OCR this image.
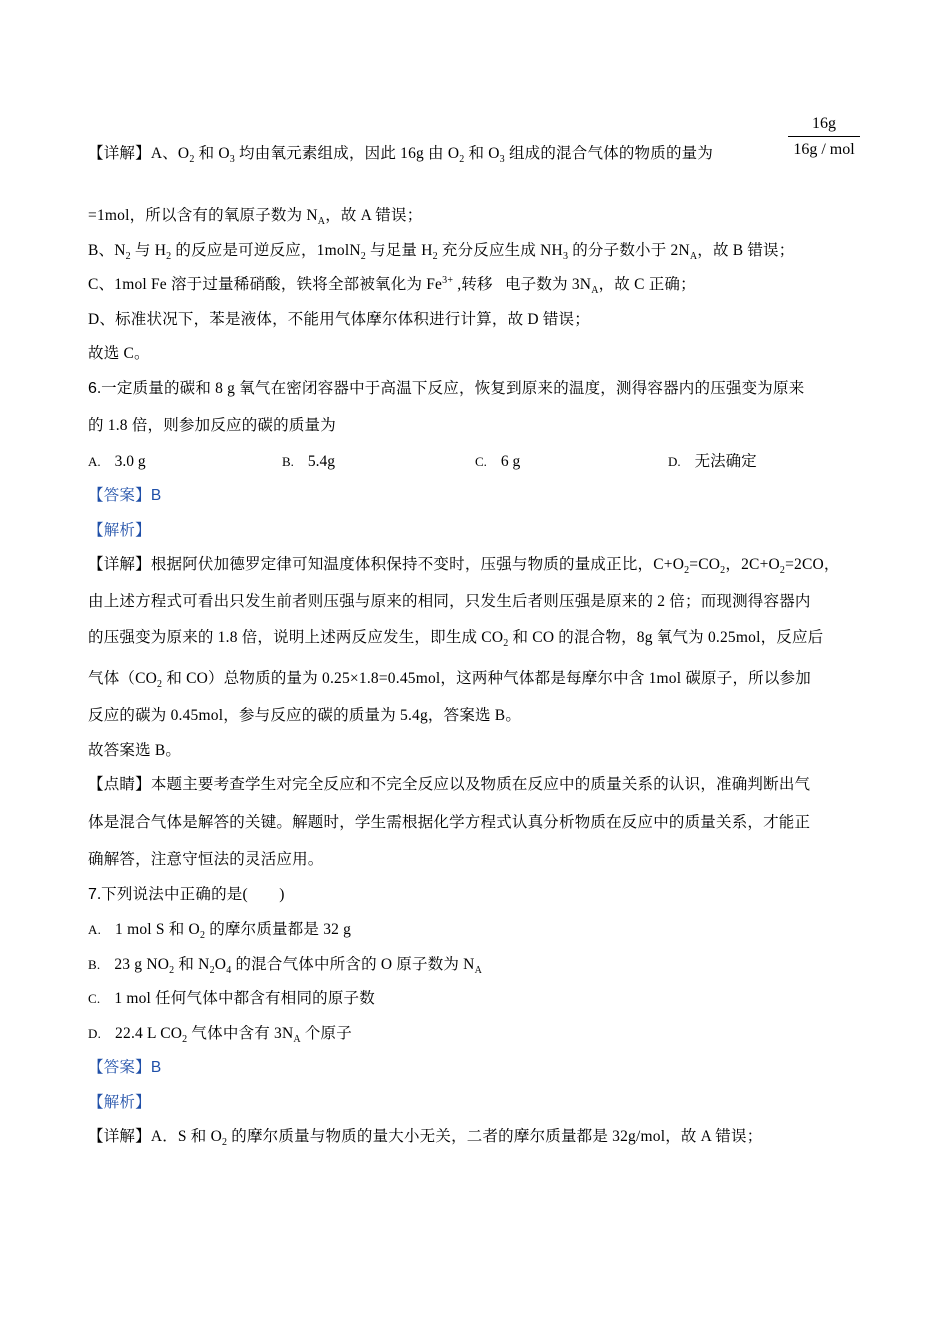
16g
16g / mol
【详解】A、$O_2$ 和 $O_3$ 均由氧元素组成，因此 16g 由 $O_2$ 和 $O_3$ 组成的混合气体的物质的量为
=1mol，所以含有的氧原子数为 $N_A$，故 A 错误；
B、$N_2$ 与 $H_2$ 的反应是可逆反应，1molN$_2$ 与足量 $H_2$ 充分反应生成 $NH_3$ 的分子数小于 $2N_A$，故 B 错误；
C、1mol Fe 溶于过量稀硝酸，铁将全部被氧化为 $Fe^{3+}$ ,转移   电子数为 $3N_A$，故 C 正确；
D、标准状况下，苯是液体，不能用气体摩尔体积进行计算，故 D 错误；
故选 C。
6.一定质量的碳和 8 g 氧气在密闭容器中于高温下反应，恢复到原来的温度，测得容器内的压强变为原来
的 1.8 倍，则参加反应的碳的质量为
A. 3.0 g	B. 5.4g	C. 6 g	D. 无法确定
【答案】B
【解析】
【详解】根据阿伏加德罗定律可知温度体积保持不变时，压强与物质的量成正比，$C+O_2=CO_2$，$2C+O_2=2CO$，
由上述方程式可看出只发生前者则压强与原来的相同，只发生后者则压强是原来的 2 倍；而现测得容器内
的压强变为原来的 1.8 倍，说明上述两反应发生，即生成 $CO_2$ 和 CO 的混合物，8g 氧气为 0.25mol，反应后
气体（$CO_2$ 和 CO）总物质的量为 0.25×1.8=0.45mol，这两种气体都是每摩尔中含 1mol 碳原子，所以参加
反应的碳为 0.45mol，参与反应的碳的质量为 5.4g，答案选 B。
故答案选 B。
【点睛】本题主要考查学生对完全反应和不完全反应以及物质在反应中的质量关系的认识，准确判断出气
体是混合气体是解答的关键。解题时，学生需根据化学方程式认真分析物质在反应中的质量关系，才能正
确解答，注意守恒法的灵活应用。
7.下列说法中正确的是(　　)
A. 1 mol S 和 $O_2$ 的摩尔质量都是 32 g
B. 23 g $NO_2$ 和 $N_2O_4$ 的混合气体中所含的 O 原子数为 $N_A$
C. 1 mol 任何气体中都含有相同的原子数
D. 22.4 L $CO_2$ 气体中含有 $3N_A$ 个原子
【答案】B
【解析】
【详解】A．S 和 $O_2$ 的摩尔质量与物质的量大小无关，二者的摩尔质量都是 32g/mol，故 A 错误；
